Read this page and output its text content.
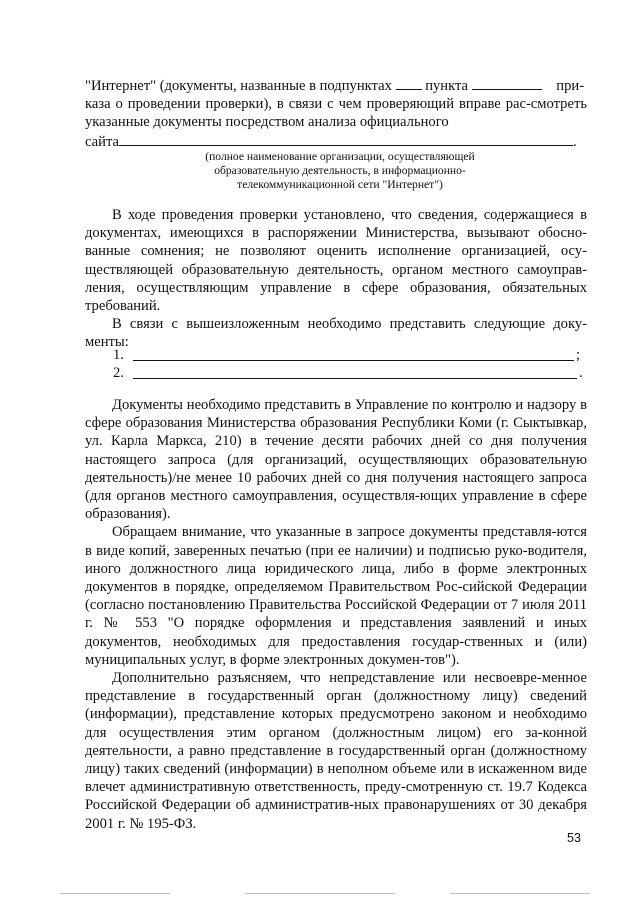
"Интернет" (документы, названные в подпунктах пункта	при-

каза о проведении проверки), в связи с чем проверяющий вправе рас-смотреть указанные документы посредством анализа официального

сайта	.

(полное наименование организации, осуществляющей
образовательную деятельность, в информационно-
телекоммуникационной сети "Интернет")

В ходе проведения проверки установлено, что сведения, содержащиеся в документах, имеющихся в распоряжении Министерства, вызывают обосно-ванные сомнения; не позволяют оценить исполнение организацией, осу-ществляющей образовательную деятельность, органом местного самоуправ-ления, осуществляющим управление в сфере образования, обязательных требований.

В связи с вышеизложенным необходимо представить следующие доку-менты:

1.	;
2.	.

Документы необходимо представить в Управление по контролю и надзору в сфере образования Министерства образования Республики Коми (г. Сыктывкар, ул. Карла Маркса, 210) в течение десяти рабочих дней со дня получения настоящего запроса (для организаций, осуществляющих образовательную деятельность)/не менее 10 рабочих дней со дня получения настоящего запроса (для органов местного самоуправления, осуществля-ющих управление в сфере образования).

Обращаем внимание, что указанные в запросе документы представля-ются в виде копий, заверенных печатью (при ее наличии) и подписью руко-водителя, иного должностного лица юридического лица, либо в форме электронных документов в порядке, определяемом Правительством Рос-сийской Федерации (согласно постановлению Правительства Российской Федерации от 7 июля 2011 г. № 553 "О порядке оформления и представления заявлений и иных документов, необходимых для предоставления государ-ственных и (или) муниципальных услуг, в форме электронных докумен-тов").

Дополнительно разъясняем, что непредставление или несвоевре-менное представление в государственный орган (должностному лицу) сведений (информации), представление которых предусмотрено законом и необходимо для осуществления этим органом (должностным лицом) его за-конной деятельности, а равно представление в государственный орган (должностному лицу) таких сведений (информации) в неполном объеме или в искаженном виде влечет административную ответственность, преду-смотренную ст. 19.7 Кодекса Российской Федерации об административ-ных правонарушениях от 30 декабря 2001 г. № 195-ФЗ.

53
